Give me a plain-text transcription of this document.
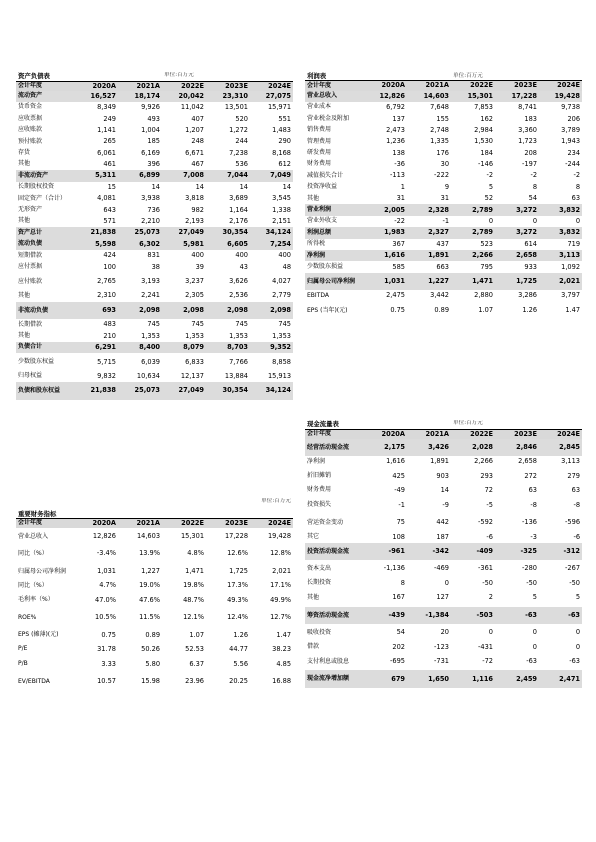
资产负债表			单位:百万元		
会计年度	2020A	2021A	2022E	2023E	2024E
流动资产	16,527	18,174	20,042	23,310	27,075
货币资金	8,349	9,926	11,042	13,501	15,971
应收票据	249	493	407	520	551
应收账款	1,141	1,004	1,207	1,272	1,483
预付账款	265	185	248	244	290
存货	6,061	6,169	6,671	7,238	8,168
其他	461	396	467	536	612
非流动资产	5,311	6,899	7,008	7,044	7,049
长期股权投资	15	14	14	14	14
固定资产（合计）	4,081	3,938	3,818	3,689	3,545
无形资产	643	736	982	1,164	1,338
其他	571	2,210	2,193	2,176	2,151
资产总计	21,838	25,073	27,049	30,354	34,124
流动负债	5,598	6,302	5,981	6,605	7,254
短期借款	424	831	400	400	400
应付票据	100	38	39	43	48
应付账款	2,765	3,193	3,237	3,626	4,027
其他	2,310	2,241	2,305	2,536	2,779
非流动负债	693	2,098	2,098	2,098	2,098
长期借款	483	745	745	745	745
其他	210	1,353	1,353	1,353	1,353
负债合计	6,291	8,400	8,079	8,703	9,352
少数股东权益	5,715	6,039	6,833	7,766	8,858
归母权益	9,832	10,634	12,137	13,884	15,913
负债和股东权益	21,838	25,073	27,049	30,354	34,124
利润表			单位:百万元		
会计年度	2020A	2021A	2022E	2023E	2024E
营业总收入	12,826	14,603	15,301	17,228	19,428
营业成本	6,792	7,648	7,853	8,741	9,738
营业税金及附加	137	155	162	183	206
销售费用	2,473	2,748	2,984	3,360	3,789
管理费用	1,236	1,335	1,530	1,723	1,943
研发费用	138	176	184	208	234
财务费用	-36	30	-146	-197	-244
减值损失合计	-113	-222	-2	-2	-2
投资净收益	1	9	5	8	8
其他	31	31	52	54	63
营业利润	2,005	2,328	2,789	3,272	3,832
营业外收支	-22	-1	0	0	0
利润总额	1,983	2,327	2,789	3,272	3,832
所得税	367	437	523	614	719
净利润	1,616	1,891	2,266	2,658	3,113
少数股东损益	585	663	795	933	1,092
归属母公司净利润	1,031	1,227	1,471	1,725	2,021
EBITDA	2,475	3,442	2,880	3,286	3,797
EPS (当年)(元)	0.75	0.89	1.07	1.26	1.47
现金流量表			单位:百万元		
会计年度	2020A	2021A	2022E	2023E	2024E
经营活动现金流	2,175	3,426	2,028	2,846	2,845
净利润	1,616	1,891	2,266	2,658	3,113
折旧摊销	425	903	293	272	279
财务费用	-49	14	72	63	63
投资损失	-1	-9	-5	-8	-8
营运资金变动	75	442	-592	-136	-596
其它	108	187	-6	-3	-6
投资活动现金流	-961	-342	-409	-325	-312
资本支出	-1,136	-469	-361	-280	-267
长期投资	8	0	-50	-50	-50
其他	167	127	2	5	5
筹资活动现金流	-439	-1,384	-503	-63	-63
吸收投资	54	20	0	0	0
借款	202	-123	-431	0	0
支付利息或股息	-695	-731	-72	-63	-63
现金流净增加额	679	1,650	1,116	2,459	2,471
重要财务指标			单位:百万元		
会计年度	2020A	2021A	2022E	2023E	2024E
营业总收入	12,826	14,603	15,301	17,228	19,428
同比（%）	-3.4%	13.9%	4.8%	12.6%	12.8%
归属母公司净利润	1,031	1,227	1,471	1,725	2,021
同比（%）	4.7%	19.0%	19.8%	17.3%	17.1%
毛利率（%）	47.0%	47.6%	48.7%	49.3%	49.9%
ROE%	10.5%	11.5%	12.1%	12.4%	12.7%
EPS (摊薄)(元)	0.75	0.89	1.07	1.26	1.47
P/E	31.78	50.26	52.53	44.77	38.23
P/B	3.33	5.80	6.37	5.56	4.85
EV/EBITDA	10.57	15.98	23.96	20.25	16.88
